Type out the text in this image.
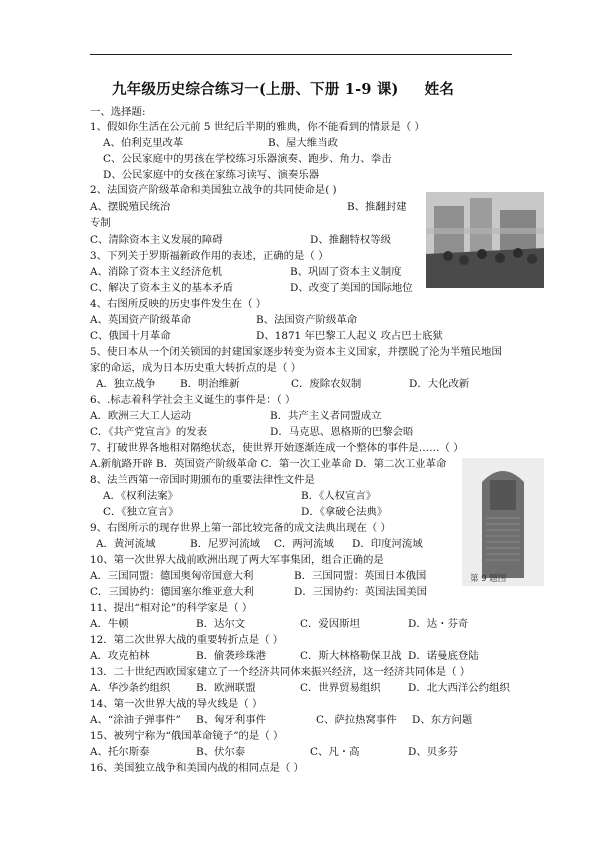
九年级历史综合练习一(上册、下册 1-9 课) 姓名
第 9 题图
一、选择题:
1、假如你生活在公元前 5 世纪后半期的雅典，你不能看到的情景是（ ）
A、伯利克里改革	B、屋大维当政
C、公民家庭中的男孩在学校练习乐器演奏、跑步、角力、拳击
D、公民家庭中的女孩在家练习读写、演奏乐器
2、法国资产阶级革命和美国独立战争的共同使命是( )
A、摆脱殖民统治	B、推翻封建
专制
C、清除资本主义发展的障碍	D、推翻特权等级
3、下列关于罗斯福新政作用的表述，正确的是（ ）
A、消除了资本主义经济危机	B、巩固了资本主义制度
C、解决了资本主义的基本矛盾	D、改变了美国的国际地位
4、右图所反映的历史事件发生在（ ）
A、英国资产阶级革命	B、法国资产阶级革命
C、俄国十月革命	D、1871 年巴黎工人起义 攻占巴士底狱
5、使日本从一个闭关锁国的封建国家逐步转变为资本主义国家，并摆脱了沦为半殖民地国
家的命运，成为日本历史重大转折点的是（ ）
A．独立战争 B．明治维新	C．废除农奴制	D．大化改新
6、.标志着科学社会主义诞生的事件是：（ ）
A．欧洲三大工人运动	B．共产主义者同盟成立
C．《共产党宣言》的发表	D．马克思、恩格斯的巴黎会晤
7、打破世界各地相对隔绝状态，使世界开始逐渐连成一个整体的事件是……（ ）
A.新航路开辟 B．英国资产阶级革命 C．第一次工业革命 D．第二次工业革命
8、法兰西第一帝国时期颁布的重要法律性文件是
A．《权利法案》	B．《人权宣言》
C．《独立宣言》	D．《拿破仑法典》
9、右图所示的现存世界上第一部比较完备的成文法典出现在（ ）
A．黄河流域	B．尼罗河流域 C．两河流域 D．印度河流域
10、第一次世界大战前欧洲出现了两大军事集团，组合正确的是
A．三国同盟：德国奥匈帝国意大利	B．三国同盟：英国日本俄国
C．三国协约：德国塞尔维亚意大利	D．三国协约：英国法国美国
11、提出“相对论”的科学家是（ ）
A．牛顿	B．达尔文	C．爱因斯坦	D．达・芬奇
12．第二次世界大战的重要转折点是（ ）
A．攻克柏林	B．偷袭珍珠港	C．斯大林格勒保卫战 D．诺曼底登陆
13．二十世纪西欧国家建立了一个经济共同体来振兴经济，这一经济共同体是（ ）
A．华沙条约组织 B．欧洲联盟	C．世界贸易组织	D．北大西洋公约组织
14、第一次世界大战的导火线是（ ）
A、“涂油子弹事件” B、匈牙利事件	C、萨拉热窝事件 D、东方问题
15、被列宁称为“俄国革命镜子”的是（ ）
A、托尔斯泰	B、伏尔泰	C、凡・高	D、贝多芬
16、美国独立战争和美国内战的相同点是（ ）
